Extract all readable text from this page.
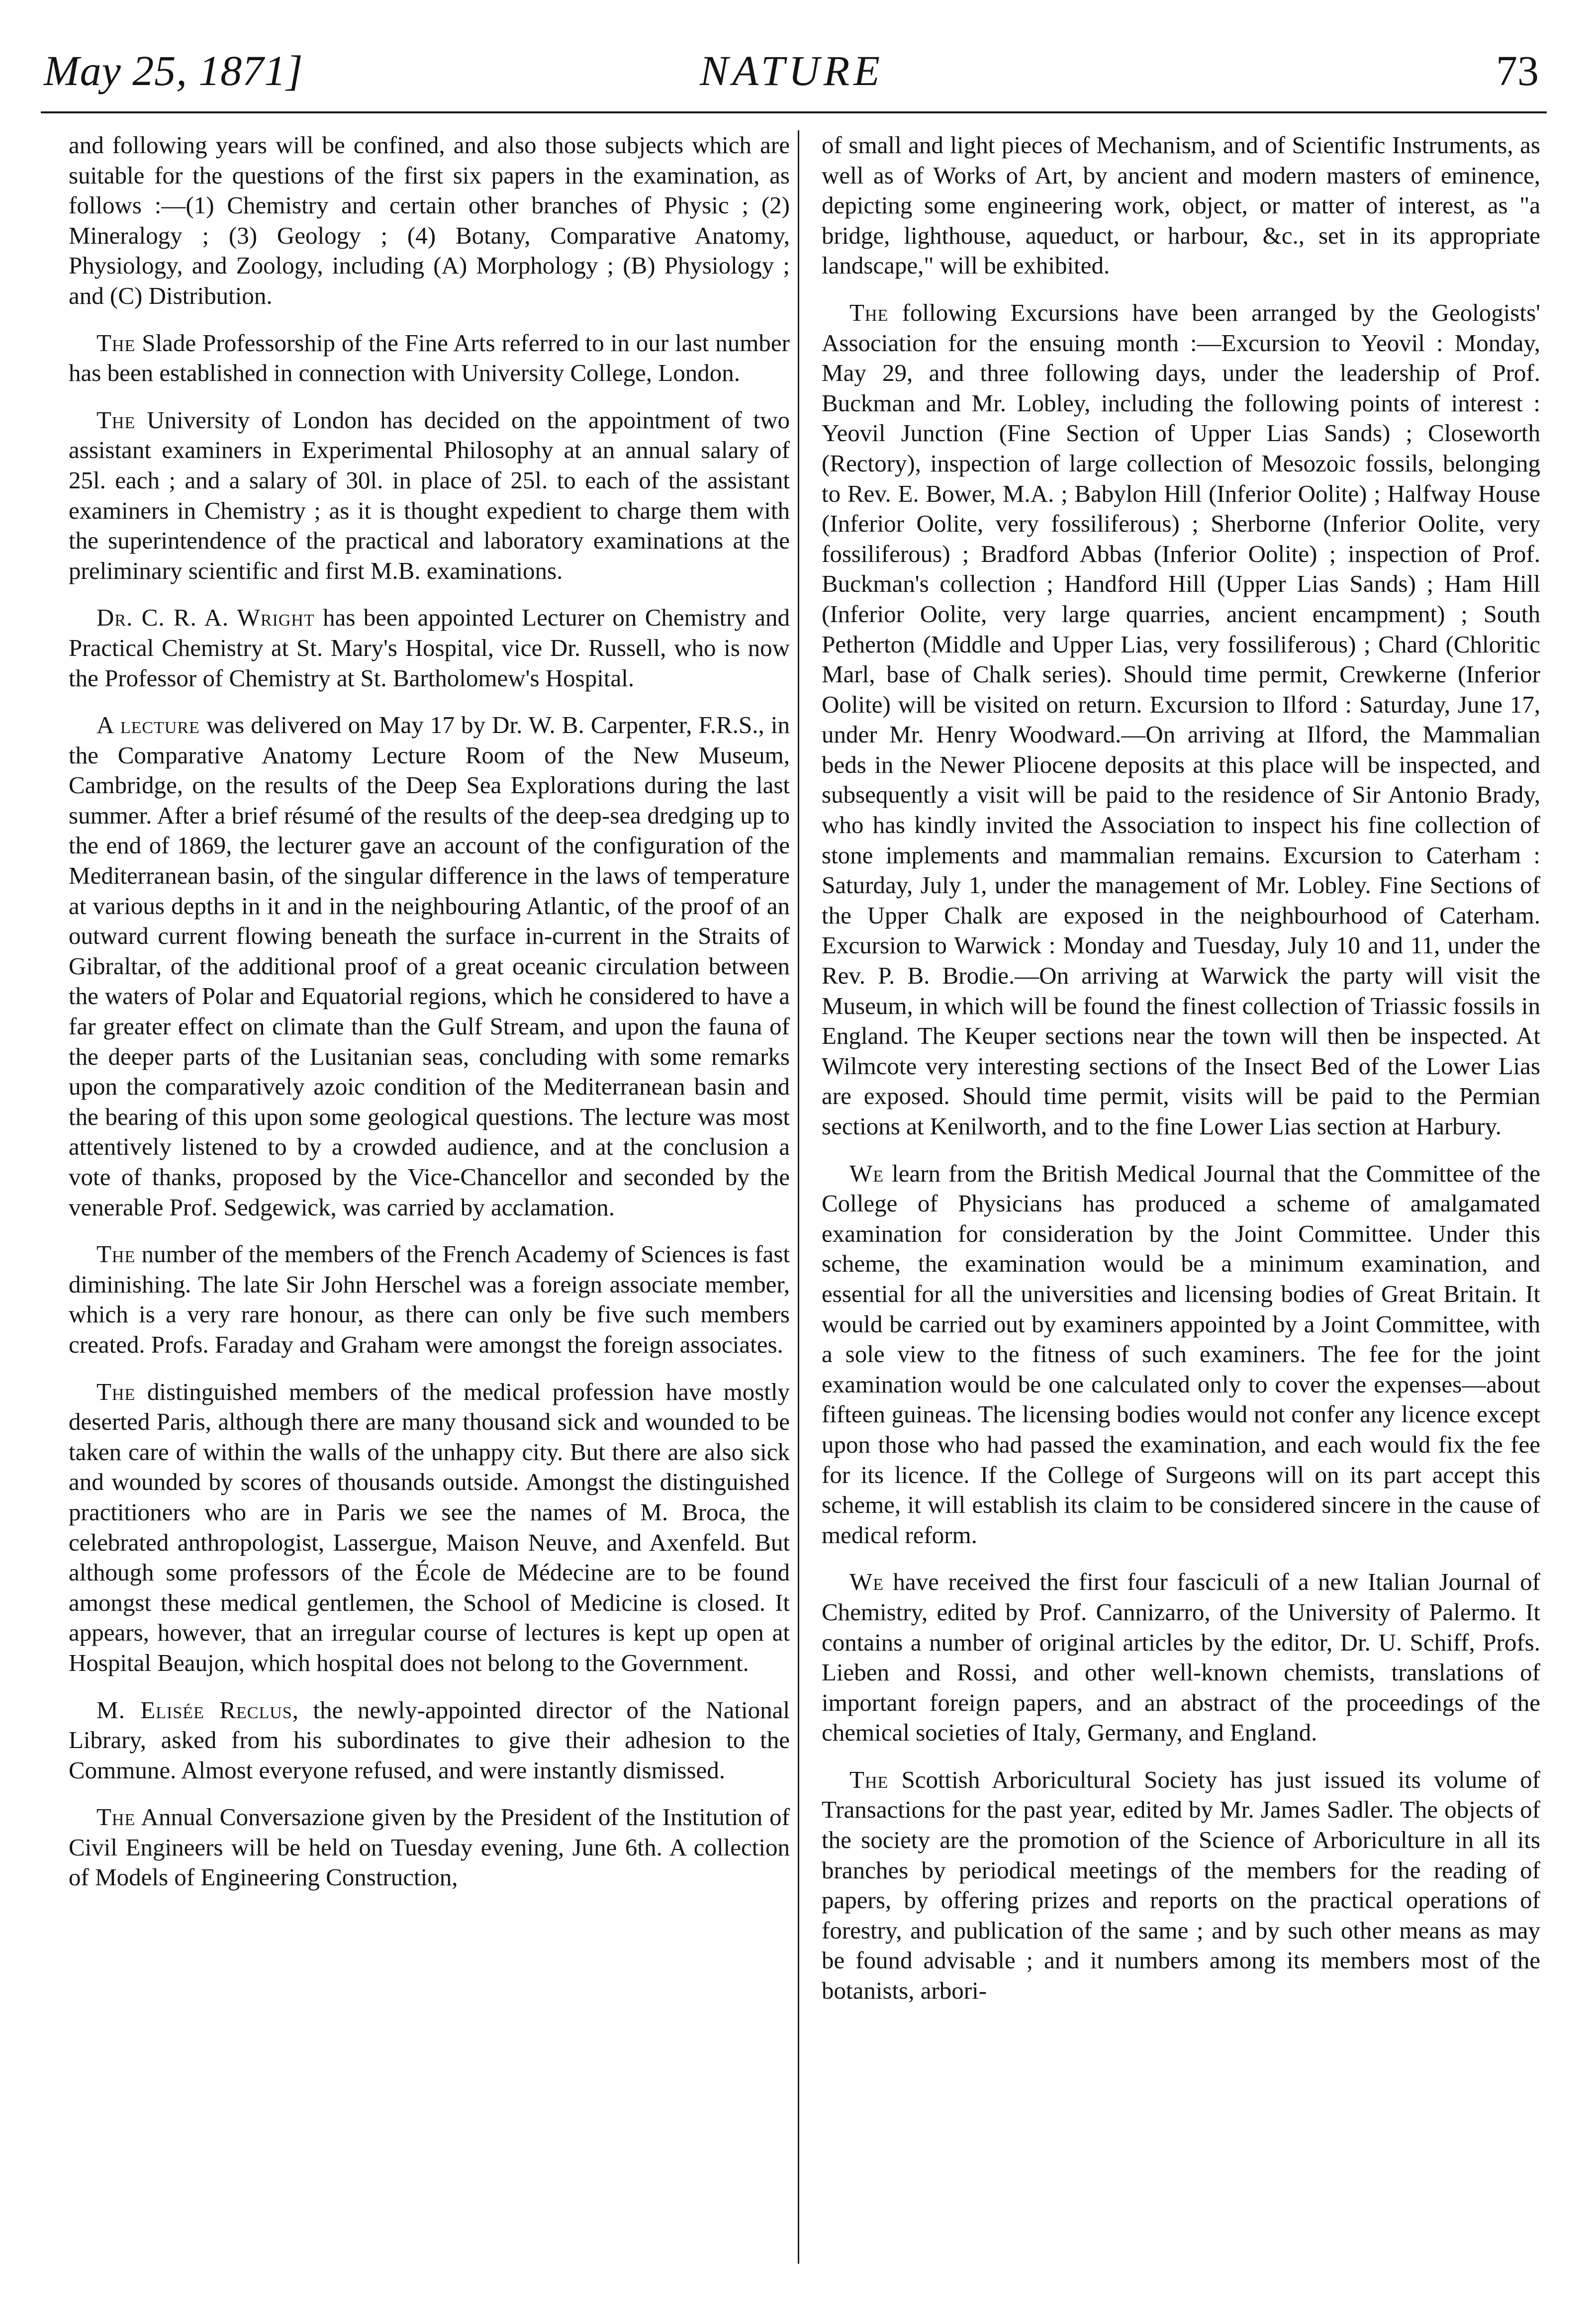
May 25, 1871]	NATURE	73

and following years will be confined, and also those subjects which are suitable for the questions of the first six papers in the examination, as follows :—(1) Chemistry and certain other branches of Physic ; (2) Mineralogy ; (3) Geology ; (4) Botany, Comparative Anatomy, Physiology, and Zoology, including (A) Morphology ; (B) Physiology ; and (C) Distribution.

The Slade Professorship of the Fine Arts referred to in our last number has been established in connection with University College, London.

The University of London has decided on the appointment of two assistant examiners in Experimental Philosophy at an annual salary of 25l. each ; and a salary of 30l. in place of 25l. to each of the assistant examiners in Chemistry ; as it is thought expedient to charge them with the superintendence of the practical and laboratory examinations at the preliminary scientific and first M.B. examinations.

Dr. C. R. A. Wright has been appointed Lecturer on Chemistry and Practical Chemistry at St. Mary's Hospital, vice Dr. Russell, who is now the Professor of Chemistry at St. Bartholomew's Hospital.

A lecture was delivered on May 17 by Dr. W. B. Carpenter, F.R.S., in the Comparative Anatomy Lecture Room of the New Museum, Cambridge, on the results of the Deep Sea Explorations during the last summer. After a brief résumé of the results of the deep-sea dredging up to the end of 1869, the lecturer gave an account of the configuration of the Mediterranean basin, of the singular difference in the laws of temperature at various depths in it and in the neighbouring Atlantic, of the proof of an outward current flowing beneath the surface in-current in the Straits of Gibraltar, of the additional proof of a great oceanic circulation between the waters of Polar and Equatorial regions, which he considered to have a far greater effect on climate than the Gulf Stream, and upon the fauna of the deeper parts of the Lusitanian seas, concluding with some remarks upon the comparatively azoic condition of the Mediterranean basin and the bearing of this upon some geological questions. The lecture was most attentively listened to by a crowded audience, and at the conclusion a vote of thanks, proposed by the Vice-Chancellor and seconded by the venerable Prof. Sedgewick, was carried by acclamation.

The number of the members of the French Academy of Sciences is fast diminishing. The late Sir John Herschel was a foreign associate member, which is a very rare honour, as there can only be five such members created. Profs. Faraday and Graham were amongst the foreign associates.

The distinguished members of the medical profession have mostly deserted Paris, although there are many thousand sick and wounded to be taken care of within the walls of the unhappy city. But there are also sick and wounded by scores of thousands outside. Amongst the distinguished practitioners who are in Paris we see the names of M. Broca, the celebrated anthropologist, Lassergue, Maison Neuve, and Axenfeld. But although some professors of the École de Médecine are to be found amongst these medical gentlemen, the School of Medicine is closed. It appears, however, that an irregular course of lectures is kept up open at Hospital Beaujon, which hospital does not belong to the Government.

M. Elisée Reclus, the newly-appointed director of the National Library, asked from his subordinates to give their adhesion to the Commune. Almost everyone refused, and were instantly dismissed.

The Annual Conversazione given by the President of the Institution of Civil Engineers will be held on Tuesday evening, June 6th. A collection of Models of Engineering Construction,

of small and light pieces of Mechanism, and of Scientific Instruments, as well as of Works of Art, by ancient and modern masters of eminence, depicting some engineering work, object, or matter of interest, as "a bridge, lighthouse, aqueduct, or harbour, &c., set in its appropriate landscape," will be exhibited.

The following Excursions have been arranged by the Geologists' Association for the ensuing month :—Excursion to Yeovil : Monday, May 29, and three following days, under the leadership of Prof. Buckman and Mr. Lobley, including the following points of interest : Yeovil Junction (Fine Section of Upper Lias Sands) ; Closeworth (Rectory), inspection of large collection of Mesozoic fossils, belonging to Rev. E. Bower, M.A. ; Babylon Hill (Inferior Oolite) ; Halfway House (Inferior Oolite, very fossiliferous) ; Sherborne (Inferior Oolite, very fossiliferous) ; Bradford Abbas (Inferior Oolite) ; inspection of Prof. Buckman's collection ; Handford Hill (Upper Lias Sands) ; Ham Hill (Inferior Oolite, very large quarries, ancient encampment) ; South Petherton (Middle and Upper Lias, very fossiliferous) ; Chard (Chloritic Marl, base of Chalk series). Should time permit, Crewkerne (Inferior Oolite) will be visited on return. Excursion to Ilford : Saturday, June 17, under Mr. Henry Woodward.—On arriving at Ilford, the Mammalian beds in the Newer Pliocene deposits at this place will be inspected, and subsequently a visit will be paid to the residence of Sir Antonio Brady, who has kindly invited the Association to inspect his fine collection of stone implements and mammalian remains. Excursion to Caterham : Saturday, July 1, under the management of Mr. Lobley. Fine Sections of the Upper Chalk are exposed in the neighbourhood of Caterham. Excursion to Warwick : Monday and Tuesday, July 10 and 11, under the Rev. P. B. Brodie.—On arriving at Warwick the party will visit the Museum, in which will be found the finest collection of Triassic fossils in England. The Keuper sections near the town will then be inspected. At Wilmcote very interesting sections of the Insect Bed of the Lower Lias are exposed. Should time permit, visits will be paid to the Permian sections at Kenilworth, and to the fine Lower Lias section at Harbury.

We learn from the British Medical Journal that the Committee of the College of Physicians has produced a scheme of amalgamated examination for consideration by the Joint Committee. Under this scheme, the examination would be a minimum examination, and essential for all the universities and licensing bodies of Great Britain. It would be carried out by examiners appointed by a Joint Committee, with a sole view to the fitness of such examiners. The fee for the joint examination would be one calculated only to cover the expenses—about fifteen guineas. The licensing bodies would not confer any licence except upon those who had passed the examination, and each would fix the fee for its licence. If the College of Surgeons will on its part accept this scheme, it will establish its claim to be considered sincere in the cause of medical reform.

We have received the first four fasciculi of a new Italian Journal of Chemistry, edited by Prof. Cannizarro, of the University of Palermo. It contains a number of original articles by the editor, Dr. U. Schiff, Profs. Lieben and Rossi, and other well-known chemists, translations of important foreign papers, and an abstract of the proceedings of the chemical societies of Italy, Germany, and England.

The Scottish Arboricultural Society has just issued its volume of Transactions for the past year, edited by Mr. James Sadler. The objects of the society are the promotion of the Science of Arboriculture in all its branches by periodical meetings of the members for the reading of papers, by offering prizes and reports on the practical operations of forestry, and publication of the same ; and by such other means as may be found advisable ; and it numbers among its members most of the botanists, arbori-
